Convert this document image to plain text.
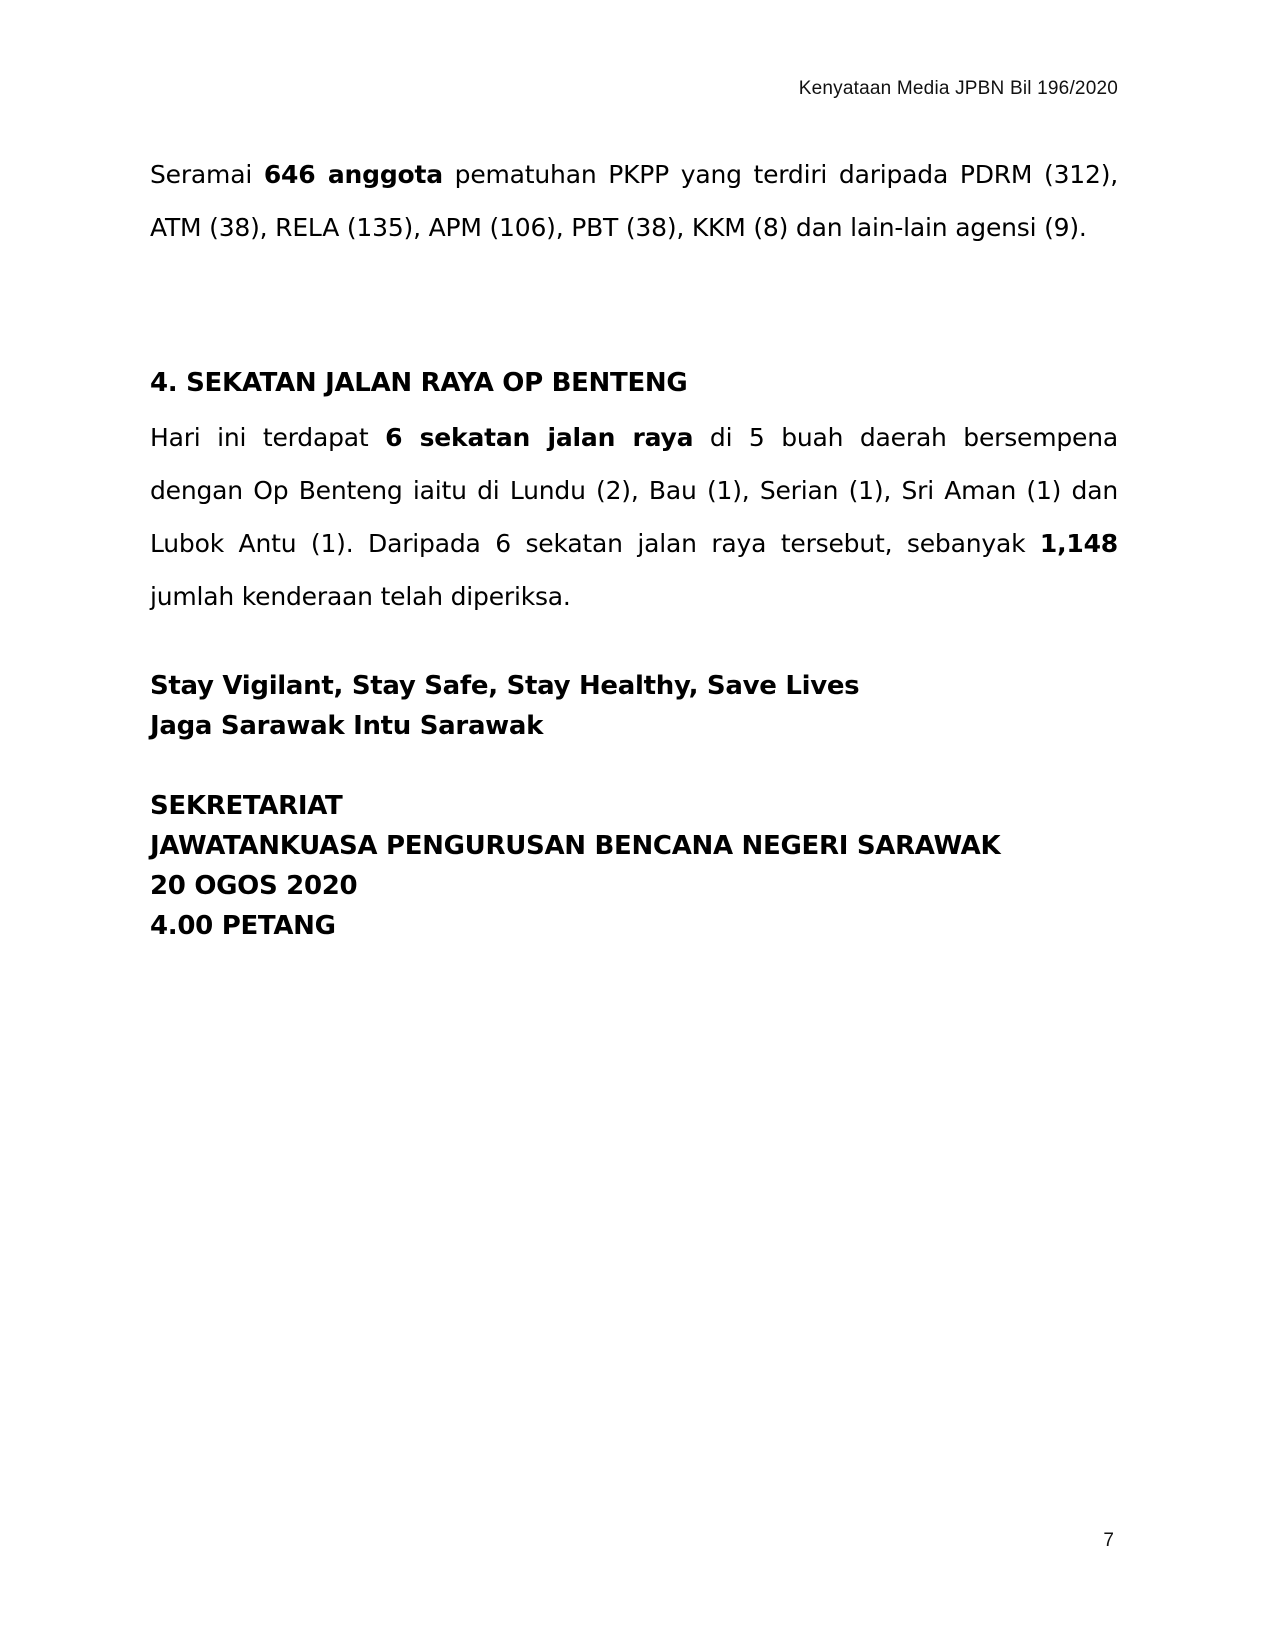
Kenyataan Media JPBN Bil 196/2020

Seramai 646 anggota pematuhan PKPP yang terdiri daripada PDRM (312), ATM (38), RELA (135), APM (106), PBT (38), KKM (8) dan lain-lain agensi (9).

4. SEKATAN JALAN RAYA OP BENTENG

Hari ini terdapat 6 sekatan jalan raya di 5 buah daerah bersempena dengan Op Benteng iaitu di Lundu (2), Bau (1), Serian (1), Sri Aman (1) dan Lubok Antu (1). Daripada 6 sekatan jalan raya tersebut, sebanyak 1,148 jumlah kenderaan telah diperiksa.

Stay Vigilant, Stay Safe, Stay Healthy, Save Lives
Jaga Sarawak Intu Sarawak
SEKRETARIAT
JAWATANKUASA PENGURUSAN BENCANA NEGERI SARAWAK
20 OGOS 2020
4.00 PETANG
7
